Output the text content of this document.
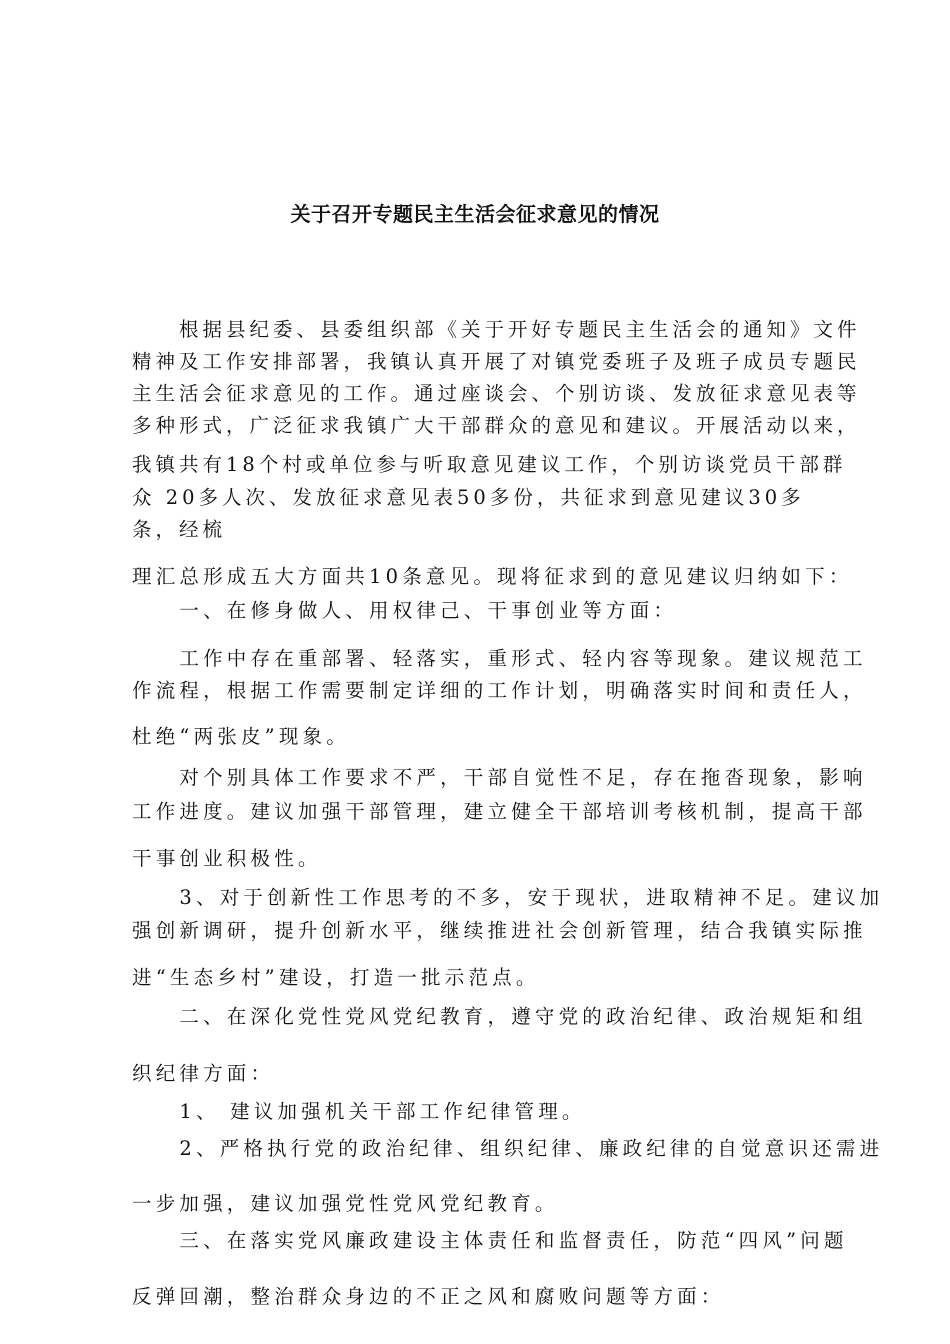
关于召开专题民主生活会征求意见的情况
　　根据县纪委、县委组织部《关于开好专题民主生活会的通知》文件
精神及工作安排部署，我镇认真开展了对镇党委班子及班子成员专题民
主生活会征求意见的工作。通过座谈会、个别访谈、发放征求意见表等
多种形式，广泛征求我镇广大干部群众的意见和建议。开展活动以来，
我镇共有18个村或单位参与听取意见建议工作，个别访谈党员干部群
众 20多人次、发放征求意见表50多份，共征求到意见建议30多
条，经梳
理汇总形成五大方面共10条意见。现将征求到的意见建议归纳如下：
　　一、在修身做人、用权律己、干事创业等方面：
　　工作中存在重部署、轻落实，重形式、轻内容等现象。建议规范工
作流程，根据工作需要制定详细的工作计划，明确落实时间和责任人，
杜绝“两张皮”现象。
　　对个别具体工作要求不严，干部自觉性不足，存在拖沓现象，影响
工作进度。建议加强干部管理，建立健全干部培训考核机制，提高干部
干事创业积极性。
　　3、对于创新性工作思考的不多，安于现状，进取精神不足。建议加
强创新调研，提升创新水平，继续推进社会创新管理，结合我镇实际推
进“生态乡村”建设，打造一批示范点。
　　二、在深化党性党风党纪教育，遵守党的政治纪律、政治规矩和组
织纪律方面：
　　1、 建议加强机关干部工作纪律管理。
　　2、严格执行党的政治纪律、组织纪律、廉政纪律的自觉意识还需进
一步加强，建议加强党性党风党纪教育。
　　三、在落实党风廉政建设主体责任和监督责任，防范“四风”问题
反弹回潮，整治群众身边的不正之风和腐败问题等方面：
